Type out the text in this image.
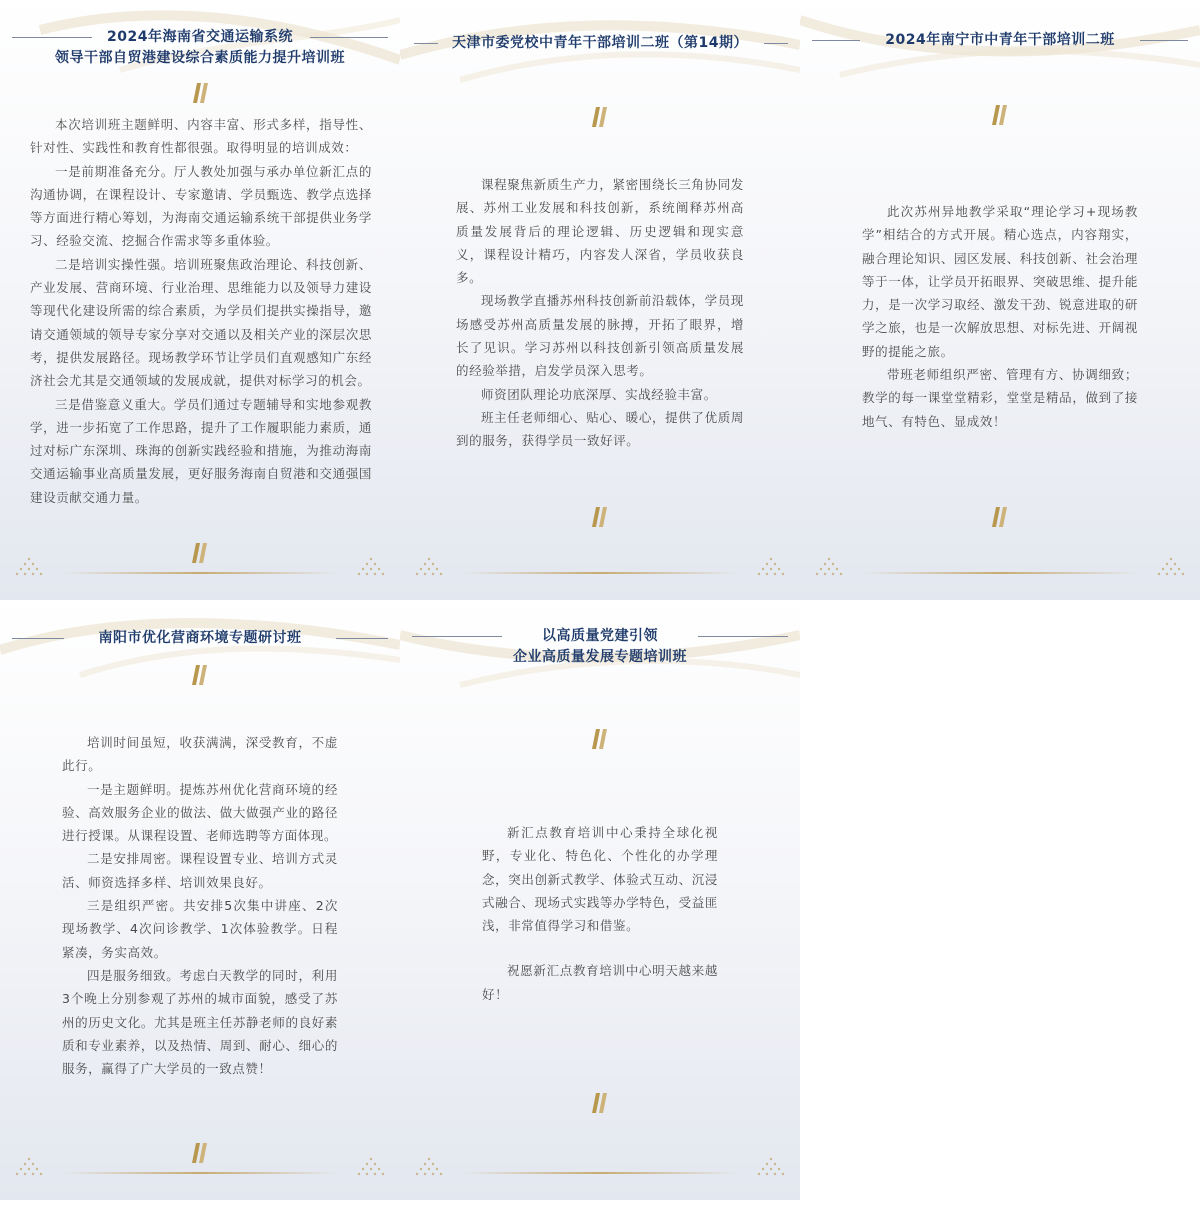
2024年海南省交通运输系统
领导干部自贸港建设综合素质能力提升培训班

本次培训班主题鲜明、内容丰富、形式多样，指导性、针对性、实践性和教育性都很强。取得明显的培训成效：

一是前期准备充分。厅人教处加强与承办单位新汇点的沟通协调，在课程设计、专家邀请、学员甄选、教学点选择等方面进行精心筹划，为海南交通运输系统干部提供业务学习、经验交流、挖掘合作需求等多重体验。

二是培训实操性强。培训班聚焦政治理论、科技创新、产业发展、营商环境、行业治理、思维能力以及领导力建设等现代化建设所需的综合素质，为学员们提拱实操指导，邀请交通领域的领导专家分享对交通以及相关产业的深层次思考，提供发展路径。现场教学环节让学员们直观感知广东经济社会尤其是交通领域的发展成就，提供对标学习的机会。

三是借鉴意义重大。学员们通过专题辅导和实地参观教学，进一步拓宽了工作思路，提升了工作履职能力素质，通过对标广东深圳、珠海的创新实践经验和措施，为推动海南交通运输事业高质量发展，更好服务海南自贸港和交通强国建设贡献交通力量。

天津市委党校中青年干部培训二班（第14期）

课程聚焦新质生产力，紧密围绕长三角协同发展、苏州工业发展和科技创新，系统阐释苏州高质量发展背后的理论逻辑、历史逻辑和现实意义，课程设计精巧，内容发人深省，学员收获良多。

现场教学直播苏州科技创新前沿载体，学员现场感受苏州高质量发展的脉搏，开拓了眼界，增长了见识。学习苏州以科技创新引领高质量发展的经验举措，启发学员深入思考。

师资团队理论功底深厚、实战经验丰富。

班主任老师细心、贴心、暖心，提供了优质周到的服务，获得学员一致好评。

2024年南宁市中青年干部培训二班

此次苏州异地教学采取“理论学习+现场教学”相结合的方式开展。精心选点，内容翔实，融合理论知识、园区发展、科技创新、社会治理等于一体，让学员开拓眼界、突破思维、提升能力，是一次学习取经、激发干劲、锐意进取的研学之旅，也是一次解放思想、对标先进、开阔视野的提能之旅。

带班老师组织严密、管理有方、协调细致；教学的每一课堂堂精彩，堂堂是精品，做到了接地气、有特色、显成效！

南阳市优化营商环境专题研讨班

培训时间虽短，收获满满，深受教育，不虚此行。

一是主题鲜明。提炼苏州优化营商环境的经验、高效服务企业的做法、做大做强产业的路径进行授课。从课程设置、老师选聘等方面体现。

二是安排周密。课程设置专业、培训方式灵活、师资选择多样、培训效果良好。

三是组织严密。共安排5次集中讲座、2次现场教学、4次问诊教学、1次体验教学。日程紧凑，务实高效。

四是服务细致。考虑白天教学的同时，利用3个晚上分别参观了苏州的城市面貌，感受了苏州的历史文化。尤其是班主任苏静老师的良好素质和专业素养，以及热情、周到、耐心、细心的服务，赢得了广大学员的一致点赞！

以高质量党建引领
企业高质量发展专题培训班

新汇点教育培训中心秉持全球化视野，专业化、特色化、个性化的办学理念，突出创新式教学、体验式互动、沉浸式融合、现场式实践等办学特色，受益匪浅，非常值得学习和借鉴。

祝愿新汇点教育培训中心明天越来越好！
